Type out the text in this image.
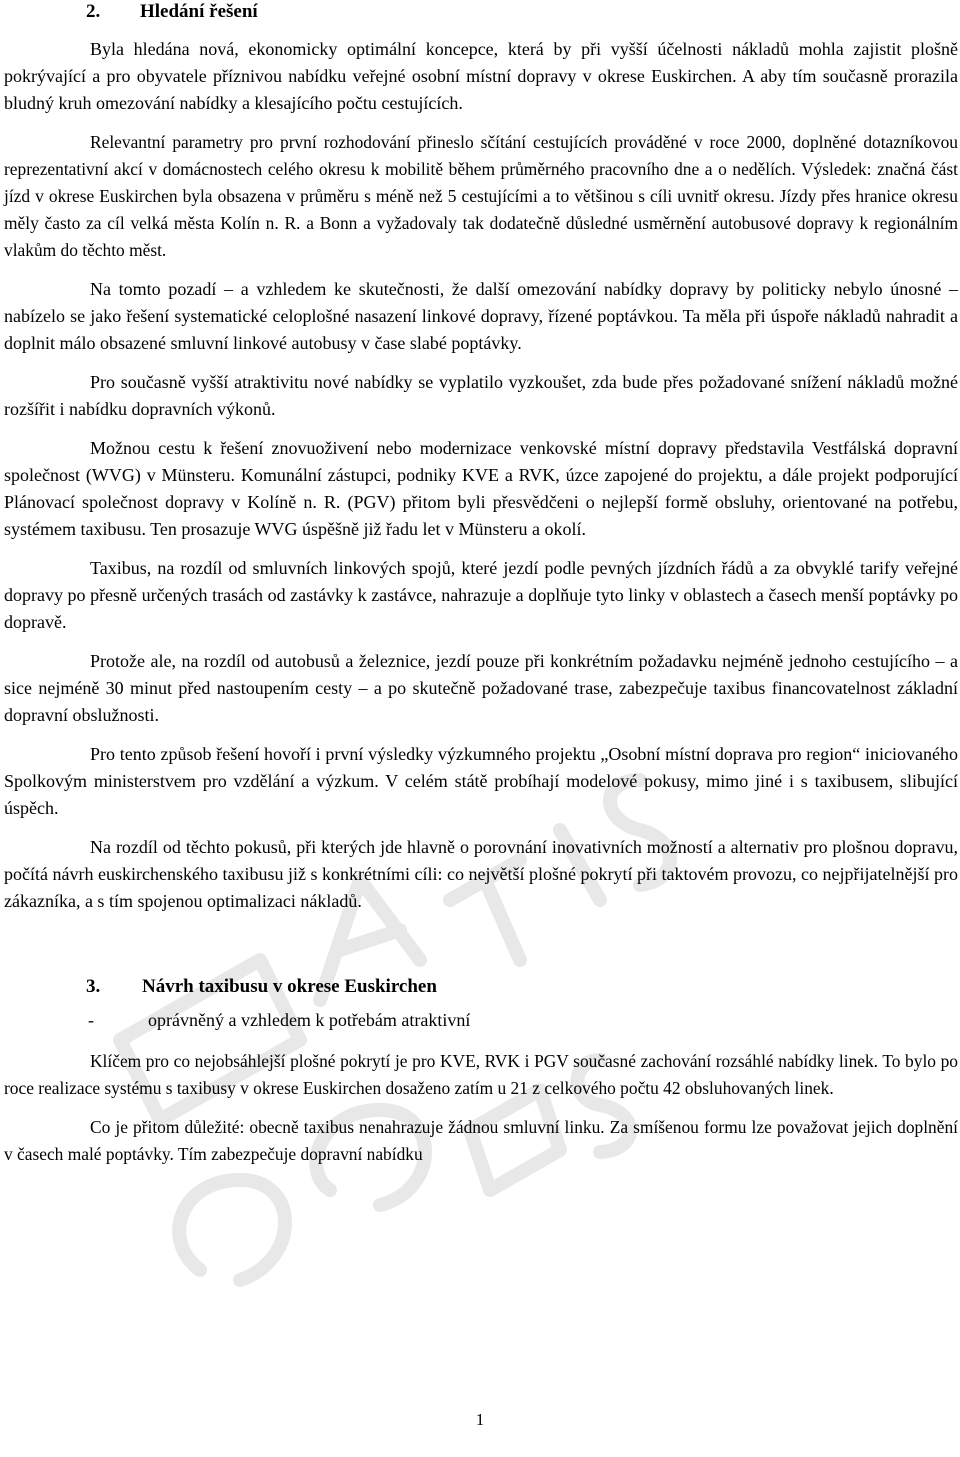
2.	Hledání řešení

Byla hledána nová, ekonomicky optimální koncepce, která by při vyšší účelnosti nákladů mohla zajistit plošně pokrývající a pro obyvatele příznivou nabídku veřejné osobní místní dopravy v okrese Euskirchen. A aby tím současně prorazila bludný kruh omezování nabídky a klesajícího počtu cestujících.

Relevantní parametry pro první rozhodování přineslo sčítání cestujících prováděné v roce 2000, doplněné dotazníkovou reprezentativní akcí v domácnostech celého okresu k mobilitě během průměrného pracovního dne a o nedělích. Výsledek: značná část jízd v okrese Euskirchen byla obsazena v průměru s méně než 5 cestujícími a to většinou s cíli uvnitř okresu. Jízdy přes hranice okresu měly často za cíl velká města Kolín n. R. a Bonn a vyžadovaly tak dodatečně důsledné usměrnění autobusové dopravy k regionálním vlakům do těchto měst.

Na tomto pozadí – a vzhledem ke skutečnosti, že další omezování nabídky dopravy by politicky nebylo únosné – nabízelo se jako řešení systematické celoplošné nasazení linkové dopravy, řízené poptávkou. Ta měla při úspoře nákladů nahradit a doplnit málo obsazené smluvní linkové autobusy v čase slabé poptávky.

Pro současně vyšší atraktivitu nové nabídky se vyplatilo vyzkoušet, zda bude přes požadované snížení nákladů možné rozšířit i nabídku dopravních výkonů.

Možnou cestu k řešení znovuoživení nebo modernizace venkovské místní dopravy představila Vestfálská dopravní společnost (WVG) v Münsteru. Komunální zástupci, podniky KVE a RVK, úzce zapojené do projektu, a dále projekt podporující Plánovací společnost dopravy v Kolíně n. R. (PGV) přitom byli přesvědčeni o nejlepší formě obsluhy, orientované na potřebu, systémem taxibusu. Ten prosazuje WVG úspěšně již řadu let v Münsteru a okolí.

Taxibus, na rozdíl od smluvních linkových spojů, které jezdí podle pevných jízdních řádů a za obvyklé tarify veřejné dopravy po přesně určených trasách od zastávky k zastávce, nahrazuje a doplňuje tyto linky v oblastech a časech menší poptávky po dopravě.

Protože ale, na rozdíl od autobusů a železnice, jezdí pouze při konkrétním požadavku nejméně jednoho cestujícího – a sice nejméně 30 minut před nastoupením cesty – a po skutečně požadované trase, zabezpečuje taxibus financovatelnost základní dopravní obslužnosti.

Pro tento způsob řešení hovoří i první výsledky výzkumného projektu „Osobní místní doprava pro region“ iniciovaného Spolkovým ministerstvem pro vzdělání a výzkum. V celém státě probíhají modelové pokusy, mimo jiné i s taxibusem, slibující úspěch.

Na rozdíl od těchto pokusů, při kterých jde hlavně o porovnání inovativních možností a alternativ pro plošnou dopravu, počítá návrh euskirchenského taxibusu již s konkrétními cíli: co největší plošné pokrytí při taktovém provozu, co nejpřijatelnější pro zákazníka, a s tím spojenou optimalizaci nákladů.

3.	Návrh taxibusu v okrese Euskirchen
-	oprávněný a vzhledem k potřebám atraktivní

Klíčem pro co nejobsáhlejší plošné pokrytí je pro KVE, RVK i PGV současné zachování rozsáhlé nabídky linek. To bylo po roce realizace systému s taxibusy v okrese Euskirchen dosaženo zatím u 21 z celkového počtu 42 obsluhovaných linek.

Co je přitom důležité: obecně taxibus nenahrazuje žádnou smluvní linku. Za smíšenou formu lze považovat jejich doplnění v časech malé poptávky. Tím zabezpečuje dopravní nabídku

1
